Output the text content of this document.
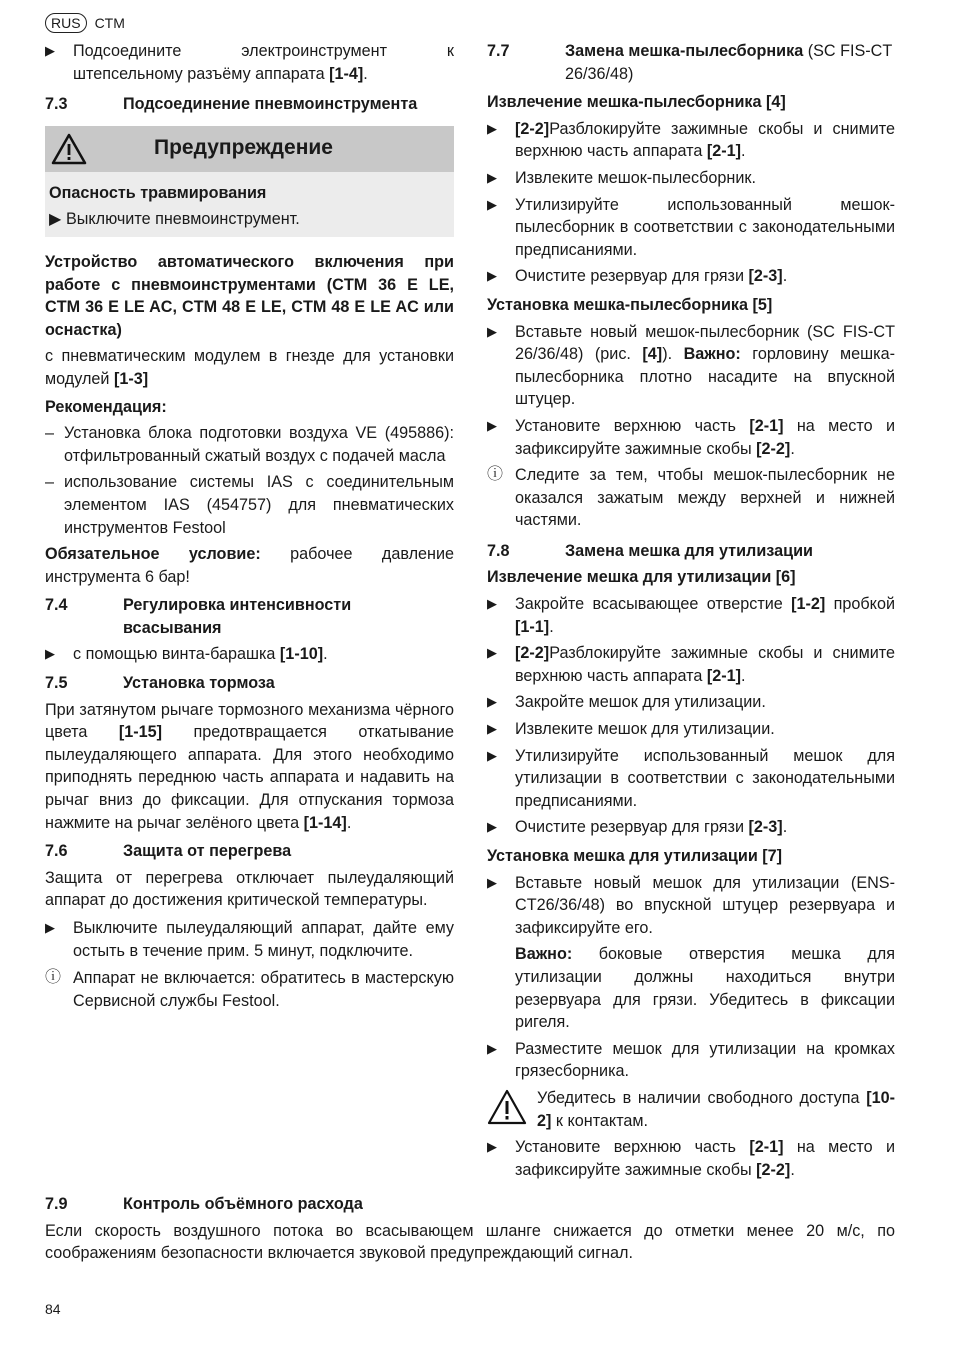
RUS	CTM
▶	Подсоедините электроинструмент к штепсельному разъёму аппарата [1-4].
7.3	Подсоединение пневмоинструмента
Предупреждение

Опасность травмирования

▶ Выключите пневмоинструмент.

Устройство автоматического включения при работе с пневмоинструментами (CTM 36 E LE, CTM 36 E LE AC, CTM 48 E LE, CTM 48 E LE AC или оснастка)

с пневматическим модулем в гнезде для установки модулей [1-3]

Рекомендация:

– Установка блока подготовки воздуха VE (495886): отфильтрованный сжатый воздух с подачей масла
– использование системы IAS с соединительным элементом IAS (454757) для пневматических инструментов Festool

Обязательное условие: рабочее давление инструмента 6 бар!

7.4	Регулировка интенсивности всасывания
▶	с помощью винта-барашка [1-10].
7.5	Установка тормоза

При затянутом рычаге тормозного механизма чёрного цвета [1-15] предотвращается откатывание пылеудаляющего аппарата. Для этого необходимо приподнять переднюю часть аппарата и надавить на рычаг вниз до фиксации. Для отпускания тормоза нажмите на рычаг зелёного цвета [1-14].

7.6	Защита от перегрева

Защита от перегрева отключает пылеудаляющий аппарат до достижения критической температуры.

▶	Выключите пылеудаляющий аппарат, дайте ему остыть в течение прим. 5 минут, подключите.
ⓘ Аппарат не включается: обратитесь в мастерскую Сервисной службы Festool.
7.7	Замена мешка-пылесборника (SC FIS-CT 26/36/48)

Извлечение мешка-пылесборника [4]

▶	[2-2]Разблокируйте зажимные скобы и снимите верхнюю часть аппарата [2-1].
▶	Извлеките мешок-пылесборник.
▶	Утилизируйте использованный мешок-пылесборник в соответствии с законодательными предписаниями.
▶	Очистите резервуар для грязи [2-3].

Установка мешка-пылесборника [5]

▶	Вставьте новый мешок-пылесборник (SC FIS-CT 26/36/48) (рис. [4]). Важно: горловину мешка-пылесборника плотно насадите на впускной штуцер.
▶	Установите верхнюю часть [2-1] на место и зафиксируйте зажимные скобы [2-2].
ⓘ Следите за тем, чтобы мешок-пылесборник не оказался зажатым между верхней и нижней частями.
7.8	Замена мешка для утилизации

Извлечение мешка для утилизации [6]

▶	Закройте всасывающее отверстие [1-2] пробкой [1-1].
▶	[2-2]Разблокируйте зажимные скобы и снимите верхнюю часть аппарата [2-1].
▶	Закройте мешок для утилизации.
▶	Извлеките мешок для утилизации.
▶	Утилизируйте использованный мешок для утилизации в соответствии с законодательными предписаниями.
▶	Очистите резервуар для грязи [2-3].

Установка мешка для утилизации [7]

▶	Вставьте новый мешок для утилизации (ENS-CT26/36/48) во впускной штуцер резервуара и зафиксируйте его.

Важно: боковые отверстия мешка для утилизации должны находиться внутри резервуара для грязи. Убедитесь в фиксации ригеля.

▶	Разместите мешок для утилизации на кромках грязесборника.
Убедитесь в наличии свободного доступа [10-2] к контактам.
▶	Установите верхнюю часть [2-1] на место и зафиксируйте зажимные скобы [2-2].
7.9	Контроль объёмного расхода

Если скорость воздушного потока во всасывающем шланге снижается до отметки менее 20 м/с, по соображениям безопасности включается звуковой предупреждающий сигнал.

84
